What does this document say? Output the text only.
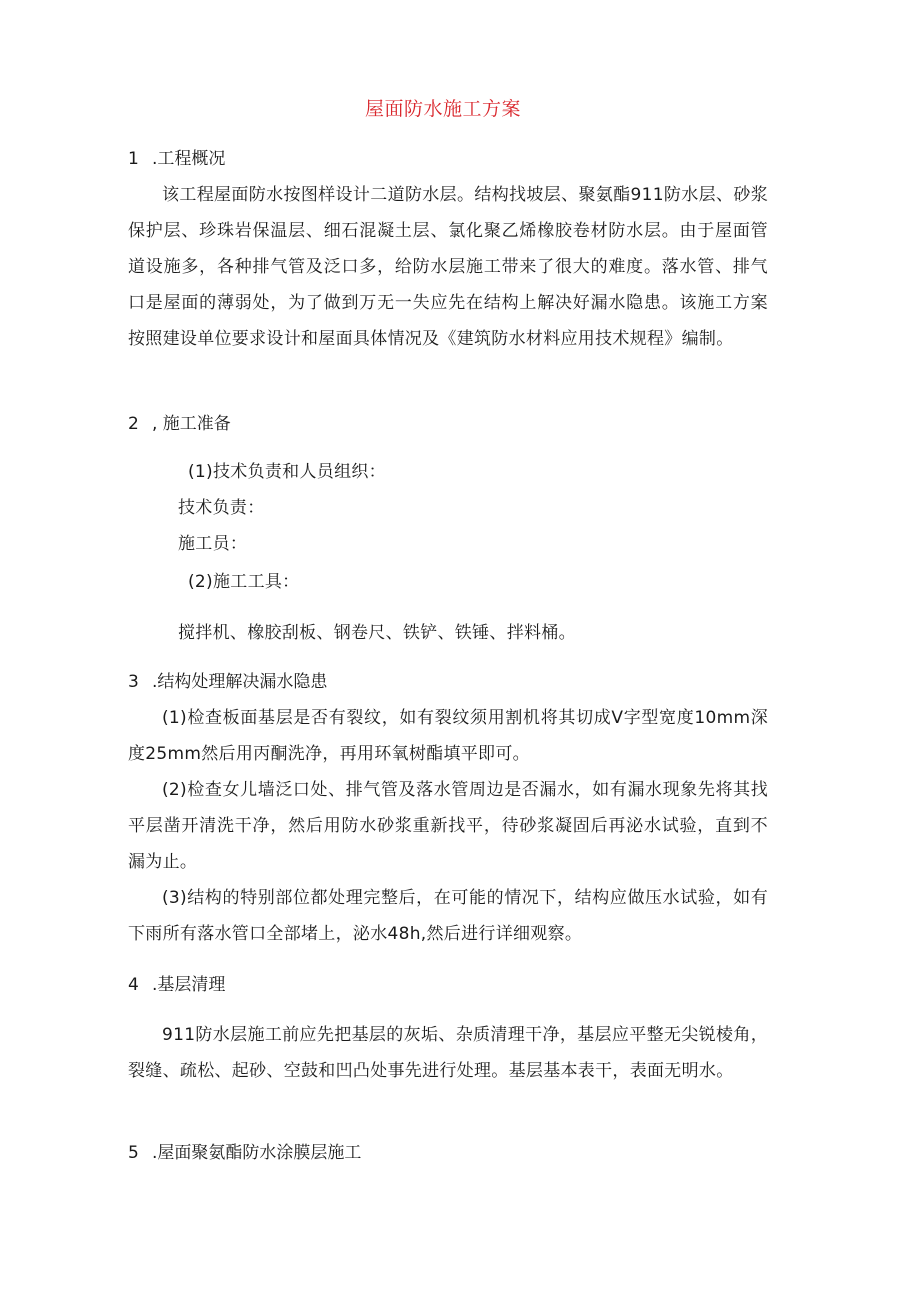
屋面防水施工方案
1 .工程概况
该工程屋面防水按图样设计二道防水层。结构找坡层、聚氨酯911防水层、砂浆保护层、珍珠岩保温层、细石混凝土层、氯化聚乙烯橡胶卷材防水层。由于屋面管道设施多，各种排气管及泛口多，给防水层施工带来了很大的难度。落水管、排气口是屋面的薄弱处，为了做到万无一失应先在结构上解决好漏水隐患。该施工方案按照建设单位要求设计和屋面具体情况及《建筑防水材料应用技术规程》编制。
2 , 施工准备
(1)技术负责和人员组织：
技术负责：
施工员：
(2)施工工具：
搅拌机、橡胶刮板、钢卷尺、铁铲、铁锤、拌料桶。
3 .结构处理解决漏水隐患
(1)检查板面基层是否有裂纹，如有裂纹须用割机将其切成V字型宽度10mm深度25mm然后用丙酮洗净，再用环氧树酯填平即可。
(2)检查女儿墙泛口处、排气管及落水管周边是否漏水，如有漏水现象先将其找平层凿开清洗干净，然后用防水砂浆重新找平，待砂浆凝固后再泌水试验，直到不漏为止。
(3)结构的特别部位都处理完整后，在可能的情况下，结构应做压水试验，如有下雨所有落水管口全部堵上，泌水48h,然后进行详细观察。
4 .基层清理
911防水层施工前应先把基层的灰垢、杂质清理干净，基层应平整无尖锐棱角，裂缝、疏松、起砂、空鼓和凹凸处事先进行处理。基层基本表干，表面无明水。
5 .屋面聚氨酯防水涂膜层施工
